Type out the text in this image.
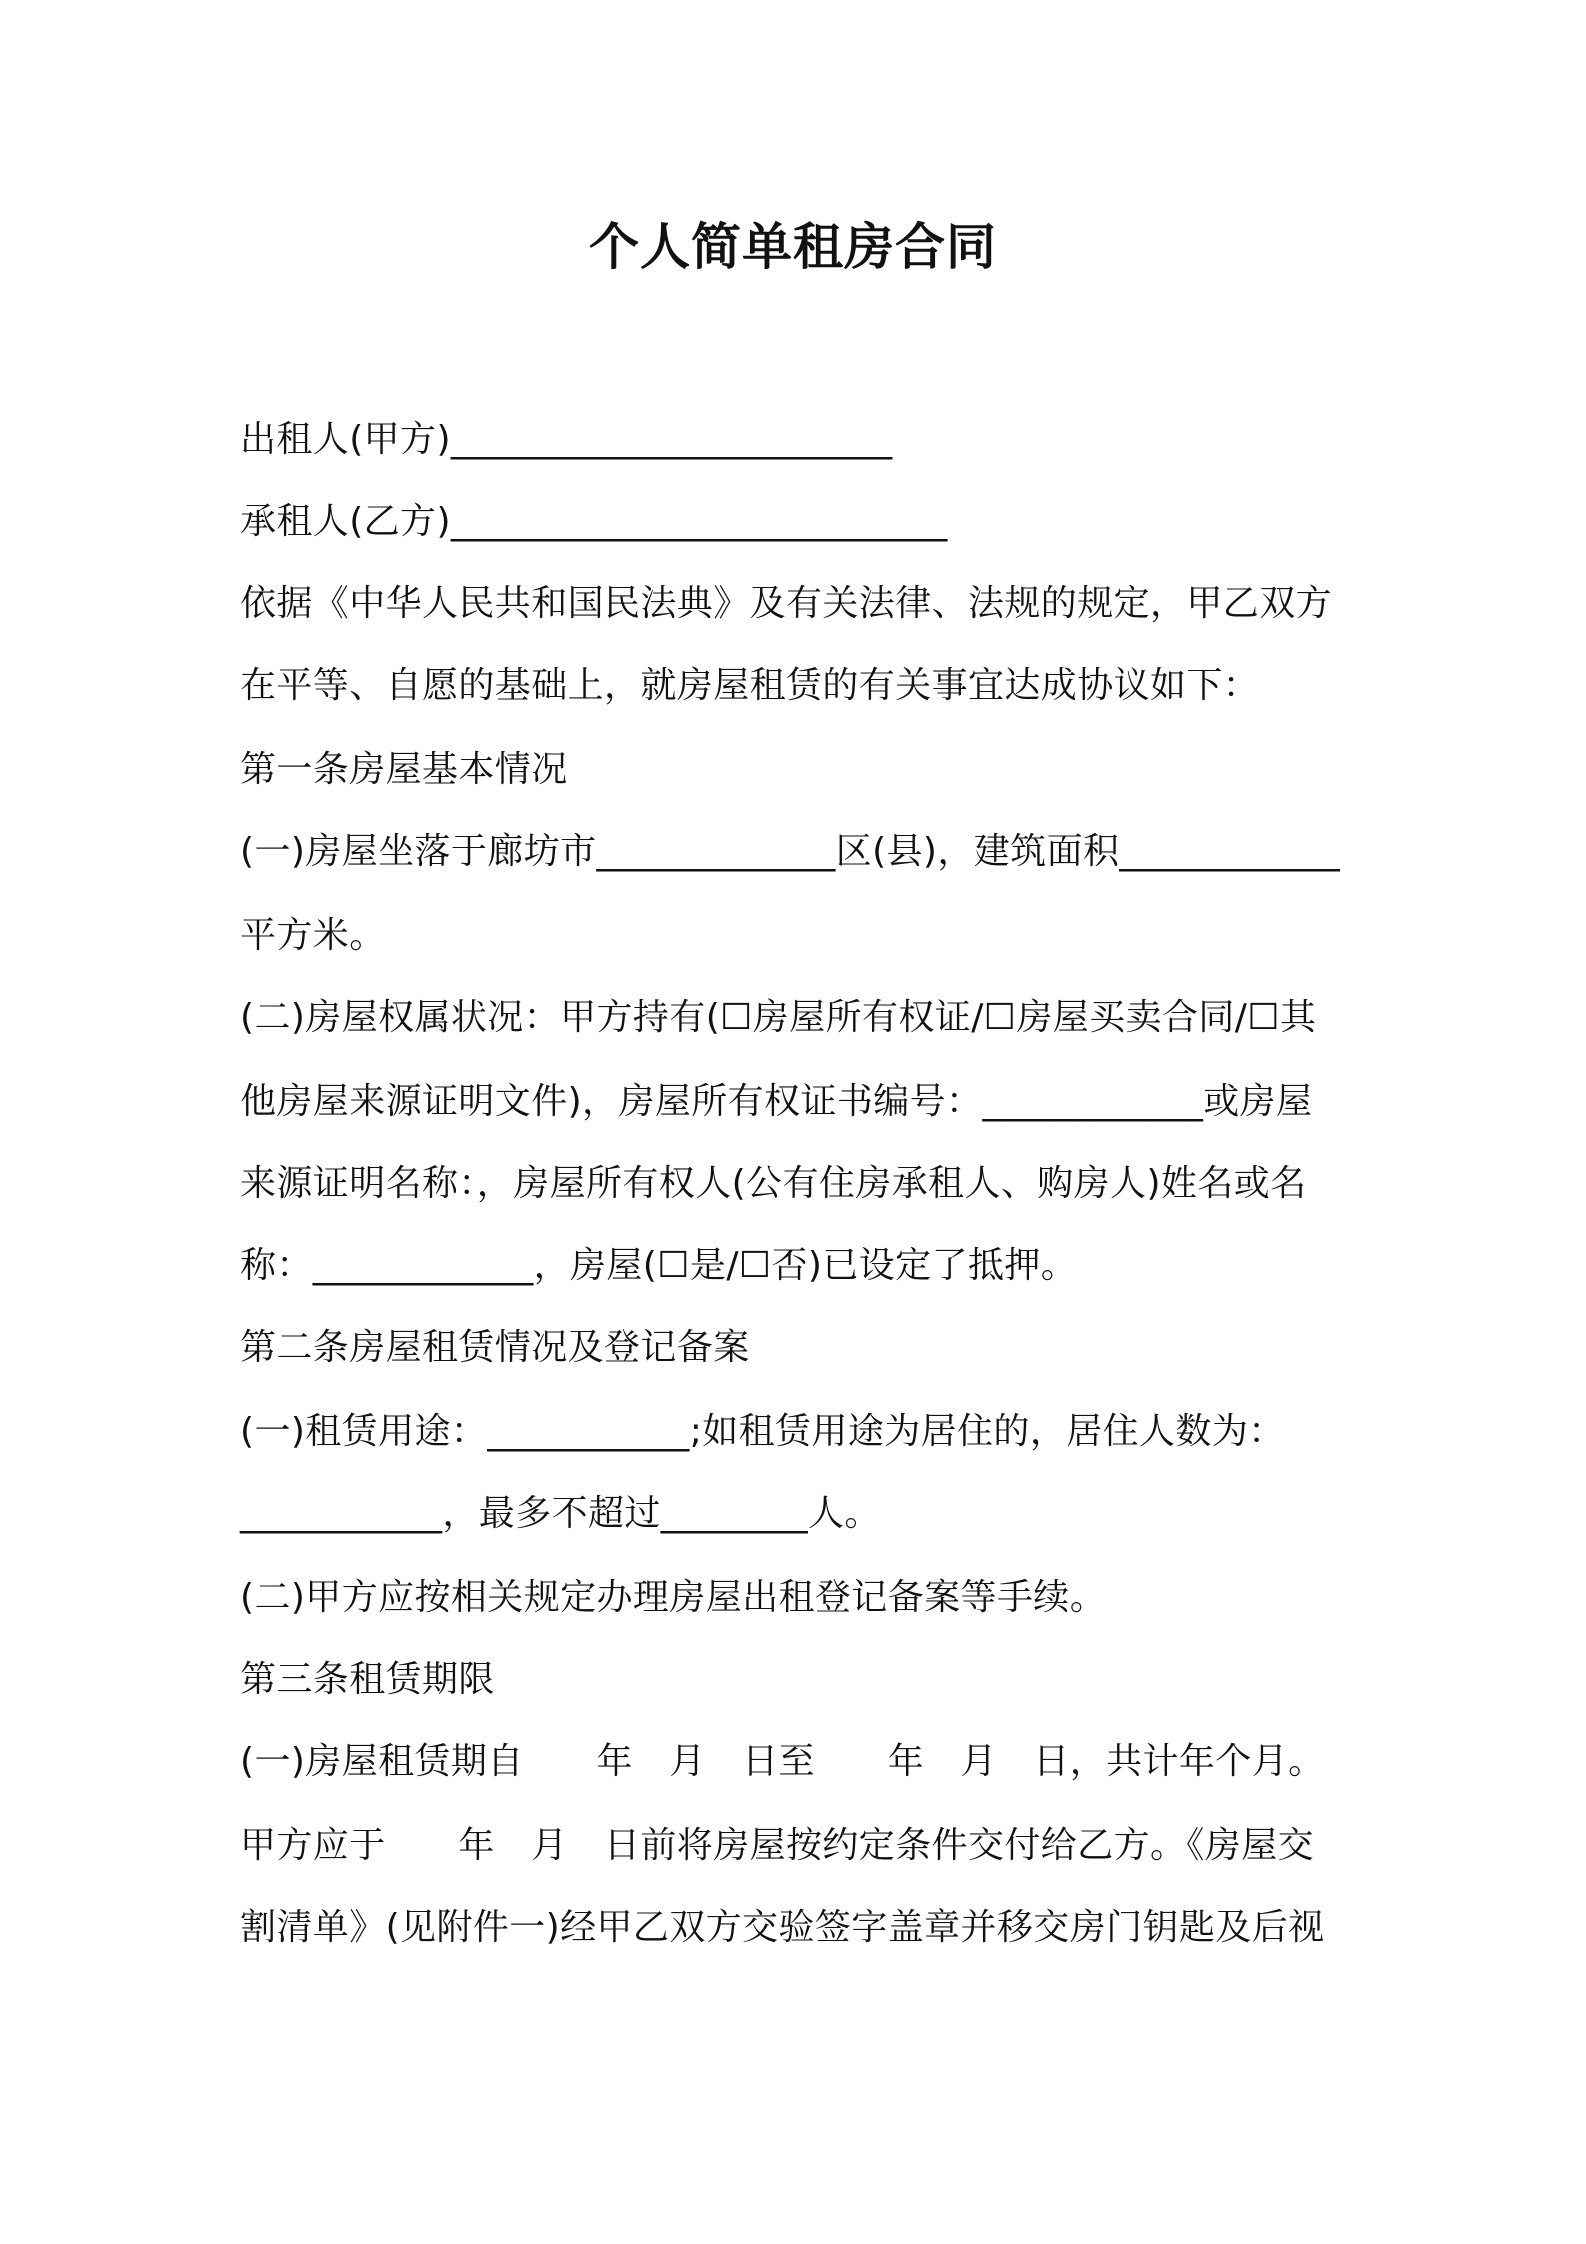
个人简单租房合同
出租人(甲方)________________________
承租人(乙方)___________________________
依据《中华人民共和国民法典》及有关法律、法规的规定，甲乙双方
在平等、自愿的基础上，就房屋租赁的有关事宜达成协议如下：
第一条房屋基本情况
(一)房屋坐落于廊坊市_____________区(县)，建筑面积____________
平方米。
(二)房屋权属状况：甲方持有(☐房屋所有权证/☐房屋买卖合同/☐其
他房屋来源证明文件)，房屋所有权证书编号：____________或房屋
来源证明名称：，房屋所有权人(公有住房承租人、购房人)姓名或名
称：____________，房屋(☐是/☐否)已设定了抵押。
第二条房屋租赁情况及登记备案
(一)租赁用途：___________;如租赁用途为居住的，居住人数为：
___________，最多不超过________人。
(二)甲方应按相关规定办理房屋出租登记备案等手续。
第三条租赁期限
(一)房屋租赁期自　　年　月　日至　　年　月　日，共计年个月。
甲方应于　　年　月　日前将房屋按约定条件交付给乙方。《房屋交
割清单》(见附件一)经甲乙双方交验签字盖章并移交房门钥匙及后视
